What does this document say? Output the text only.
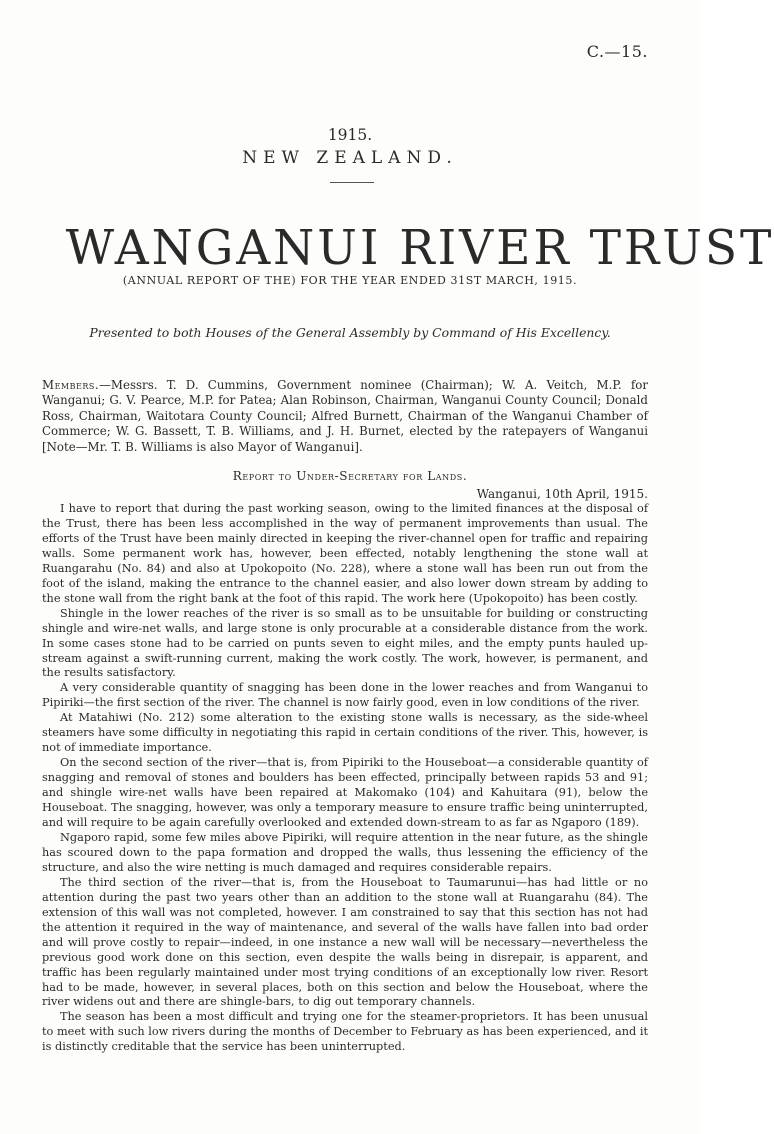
C.—15.
1915.
NEW ZEALAND.
WANGANUI RIVER TRUST
(ANNUAL REPORT OF THE) FOR THE YEAR ENDED 31ST MARCH, 1915.
Presented to both Houses of the General Assembly by Command of His Excellency.
Members.—Messrs. T. D. Cummins, Government nominee (Chairman); W. A. Veitch, M.P. for Wanganui; G. V. Pearce, M.P. for Patea; Alan Robinson, Chairman, Wanganui County Council; Donald Ross, Chairman, Waitotara County Council; Alfred Burnett, Chairman of the Wanganui Chamber of Commerce; W. G. Bassett, T. B. Williams, and J. H. Burnet, elected by the ratepayers of Wanganui [Note—Mr. T. B. Williams is also Mayor of Wanganui].
Report to Under-Secretary for Lands.
Wanganui, 10th April, 1915.

I have to report that during the past working season, owing to the limited finances at the disposal of the Trust, there has been less accomplished in the way of permanent improvements than usual. The efforts of the Trust have been mainly directed in keeping the river-channel open for traffic and repairing walls. Some permanent work has, however, been effected, notably lengthening the stone wall at Ruangarahu (No. 84) and also at Upokopoito (No. 228), where a stone wall has been run out from the foot of the island, making the entrance to the channel easier, and also lower down stream by adding to the stone wall from the right bank at the foot of this rapid. The work here (Upokopoito) has been costly.

Shingle in the lower reaches of the river is so small as to be unsuitable for building or constructing shingle and wire-net walls, and large stone is only procurable at a considerable distance from the work. In some cases stone had to be carried on punts seven to eight miles, and the empty punts hauled up-stream against a swift-running current, making the work costly. The work, however, is permanent, and the results satisfactory.

A very considerable quantity of snagging has been done in the lower reaches and from Wanganui to Pipiriki—the first section of the river. The channel is now fairly good, even in low conditions of the river.

At Matahiwi (No. 212) some alteration to the existing stone walls is necessary, as the side-wheel steamers have some difficulty in negotiating this rapid in certain conditions of the river. This, however, is not of immediate importance.

On the second section of the river—that is, from Pipiriki to the Houseboat—a considerable quantity of snagging and removal of stones and boulders has been effected, principally between rapids 53 and 91; and shingle wire-net walls have been repaired at Makomako (104) and Kahuitara (91), below the Houseboat. The snagging, however, was only a temporary measure to ensure traffic being uninterrupted, and will require to be again carefully overlooked and extended down-stream to as far as Ngaporo (189).

Ngaporo rapid, some few miles above Pipiriki, will require attention in the near future, as the shingle has scoured down to the papa formation and dropped the walls, thus lessening the efficiency of the structure, and also the wire netting is much damaged and requires considerable repairs.

The third section of the river—that is, from the Houseboat to Taumarunui—has had little or no attention during the past two years other than an addition to the stone wall at Ruangarahu (84). The extension of this wall was not completed, however. I am constrained to say that this section has not had the attention it required in the way of maintenance, and several of the walls have fallen into bad order and will prove costly to repair—indeed, in one instance a new wall will be necessary—nevertheless the previous good work done on this section, even despite the walls being in disrepair, is apparent, and traffic has been regularly maintained under most trying conditions of an exceptionally low river. Resort had to be made, however, in several places, both on this section and below the Houseboat, where the river widens out and there are shingle-bars, to dig out temporary channels.

The season has been a most difficult and trying one for the steamer-proprietors. It has been unusual to meet with such low rivers during the months of December to February as has been experienced, and it is distinctly creditable that the service has been uninterrupted.
